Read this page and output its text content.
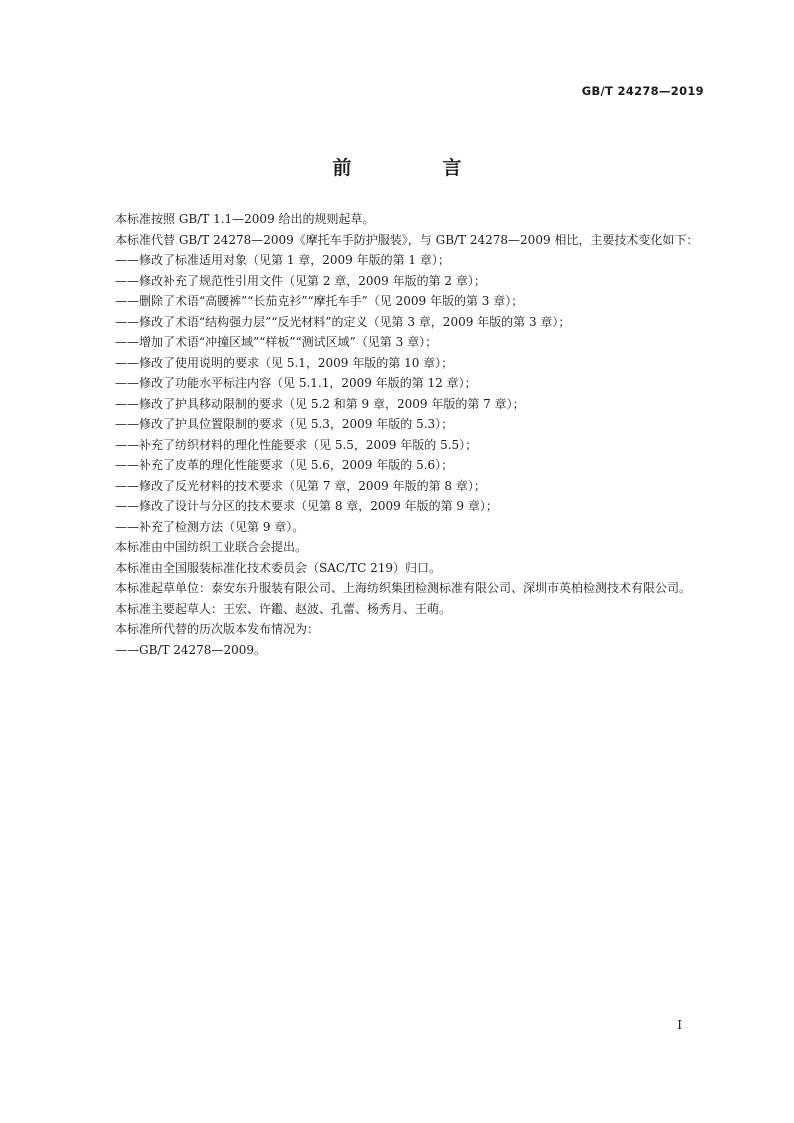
GB/T 24278—2019
前　言

本标准按照 GB/T 1.1—2009 给出的规则起草。

本标准代替 GB/T 24278—2009《摩托车手防护服装》，与 GB/T 24278—2009 相比，主要技术变化如下：

——修改了标准适用对象（见第 1 章，2009 年版的第 1 章）；

——修改补充了规范性引用文件（见第 2 章，2009 年版的第 2 章）；

——删除了术语“高腰裤”“长茄克衫”“摩托车手”（见 2009 年版的第 3 章）；

——修改了术语“结构强力层”“反光材料”的定义（见第 3 章，2009 年版的第 3 章）；

——增加了术语“冲撞区域”“样板”“测试区域”（见第 3 章）；

——修改了使用说明的要求（见 5.1，2009 年版的第 10 章）；

——修改了功能水平标注内容（见 5.1.1，2009 年版的第 12 章）；

——修改了护具移动限制的要求（见 5.2 和第 9 章，2009 年版的第 7 章）；

——修改了护具位置限制的要求（见 5.3，2009 年版的 5.3）；

——补充了纺织材料的理化性能要求（见 5.5，2009 年版的 5.5）；

——补充了皮革的理化性能要求（见 5.6，2009 年版的 5.6）；

——修改了反光材料的技术要求（见第 7 章，2009 年版的第 8 章）；

——修改了设计与分区的技术要求（见第 8 章，2009 年版的第 9 章）；

——补充了检测方法（见第 9 章）。

本标准由中国纺织工业联合会提出。

本标准由全国服装标准化技术委员会（SAC/TC 219）归口。

本标准起草单位：泰安东升服装有限公司、上海纺织集团检测标准有限公司、深圳市英柏检测技术有限公司。

本标准主要起草人：王宏、许鑑、赵波、孔蕾、杨秀月、王萌。

本标准所代替的历次版本发布情况为：

——GB/T 24278—2009。

I
